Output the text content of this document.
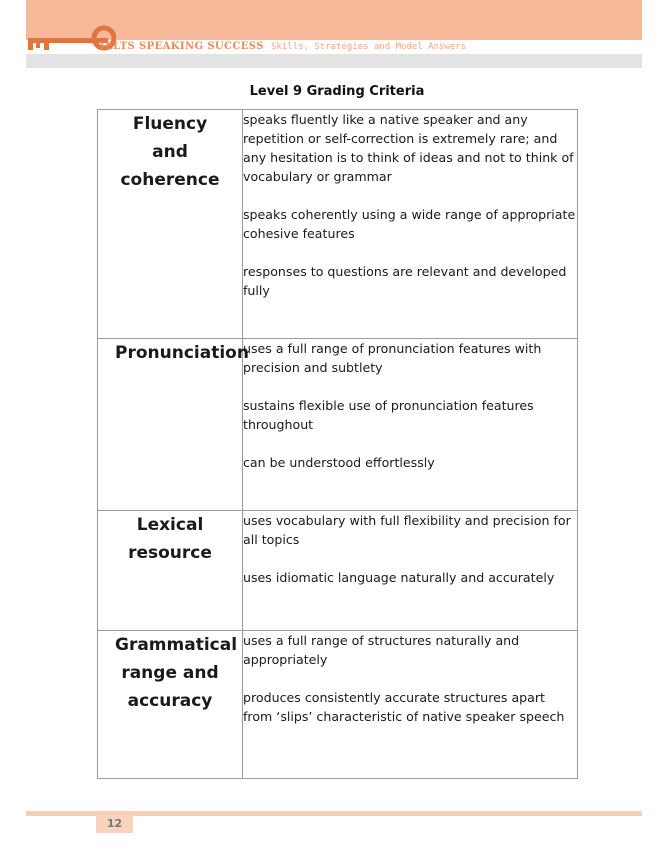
IELTS SPEAKING SUCCESS Skills, Strategies and Model Answers
Level 9 Grading Criteria
Fluency and coherence	speaks fluently like a native speaker and any repetition or self-correction is extremely rare; and any hesitation is to think of ideas and not to think of vocabulary or grammar

speaks coherently using a wide range of appropriate cohesive features

responses to questions are relevant and developed fully

Pronunciation	uses a full range of pronunciation features with precision and subtlety

sustains flexible use of pronunciation features throughout

can be understood effortlessly

Lexical resource	uses vocabulary with full flexibility and precision for all topics

uses idiomatic language naturally and accurately

Grammatical range and accuracy	uses a full range of structures naturally and appropriately

produces consistently accurate structures apart from ‘slips’ characteristic of native speaker speech

12
